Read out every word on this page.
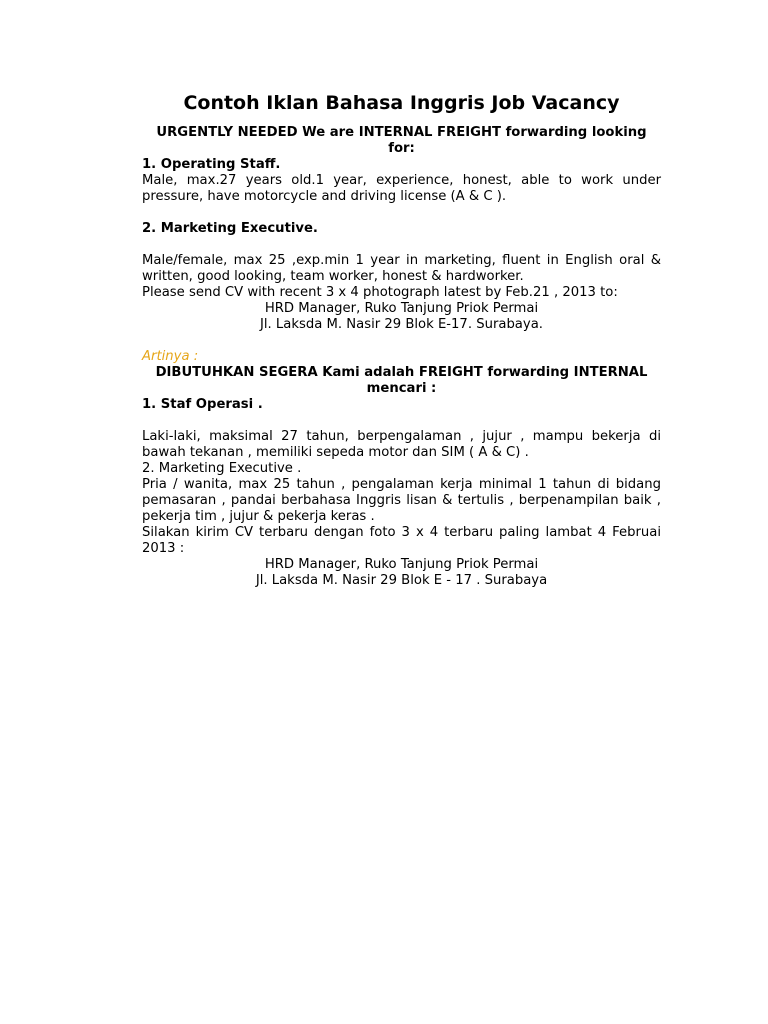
Contoh Iklan Bahasa Inggris Job Vacancy

URGENTLY NEEDED We are INTERNAL FREIGHT forwarding looking for:

1. Operating Staff.

Male, max.27 years old.1 year, experience, honest, able to work under pressure, have motorcycle and driving license (A & C ).

2. Marketing Executive.

Male/female, max 25 ,exp.min 1 year in marketing, fluent in English oral & written, good looking, team worker, honest & hardworker.

Please send CV with recent 3 x 4 photograph latest by Feb.21 , 2013 to:

HRD Manager, Ruko Tanjung Priok Permai

Jl. Laksda M. Nasir 29 Blok E-17. Surabaya.

Artinya :

DIBUTUHKAN SEGERA Kami adalah FREIGHT forwarding INTERNAL mencari :

1. Staf Operasi .

Laki-laki, maksimal 27 tahun, berpengalaman , jujur , mampu bekerja di bawah tekanan , memiliki sepeda motor dan SIM ( A & C) .

2. Marketing Executive .

Pria / wanita, max 25 tahun , pengalaman kerja minimal 1 tahun di bidang pemasaran , pandai berbahasa Inggris lisan & tertulis , berpenampilan baik , pekerja tim , jujur & pekerja keras .

Silakan kirim CV terbaru dengan foto 3 x 4 terbaru paling lambat 4 Februai 2013 :

HRD Manager, Ruko Tanjung Priok Permai

Jl. Laksda M. Nasir 29 Blok E - 17 . Surabaya
